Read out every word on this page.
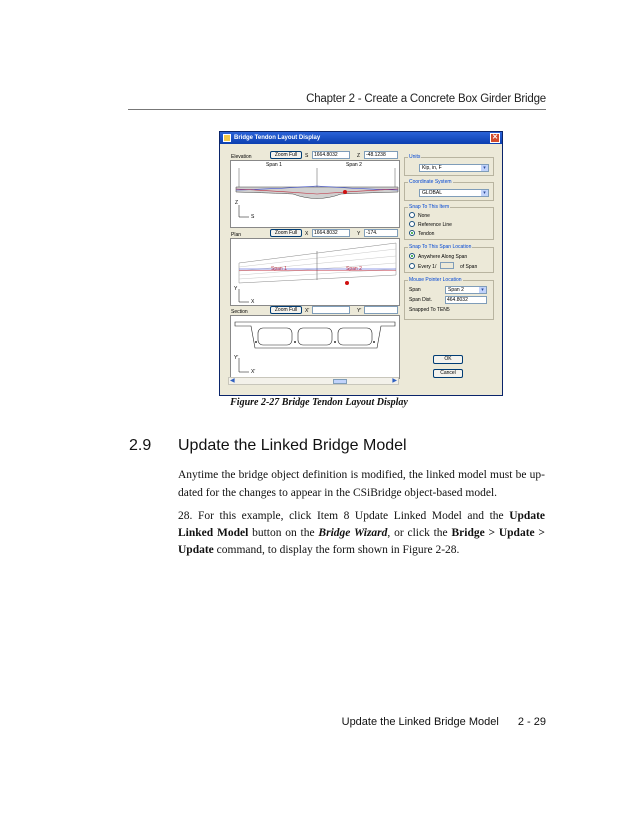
Chapter 2 - Create a Concrete Box Girder Bridge
Bridge Tendon Layout Display	✕
Elevation	Zoom Full	S	1664.8032	Z	-48.1238
Span 1	Span 2
Z
S
Plan	Zoom Full	X	1664.8032	Y	-174.
Span 1	Span 2
Y
X
Section	Zoom Full	X'	Y'
Y'
X'
Units
Kip, in, F	▾
Coordinate System
GLOBAL	▾
Snap To This Item
None
Reference Line
Tendon
Snap To This Span Location
Anywhere Along Span
Every 1/	of Span
Mouse Pointer Location
Span	Span 2	▾
Span Dist.	464.8032
Snapped To TEN5
OK
Cancel
◀	▶
Figure 2-27 Bridge Tendon Layout Display
2.9 Update the Linked Bridge Model
Anytime the bridge object definition is modified, the linked model must be up-dated for the changes to appear in the CSiBridge object-based model.
28. For this example, click Item 8 Update Linked Model and the Update Linked Model button on the Bridge Wizard, or click the Bridge > Update > Update command, to display the form shown in Figure 2-28.
Update the Linked Bridge Model 2 - 29
